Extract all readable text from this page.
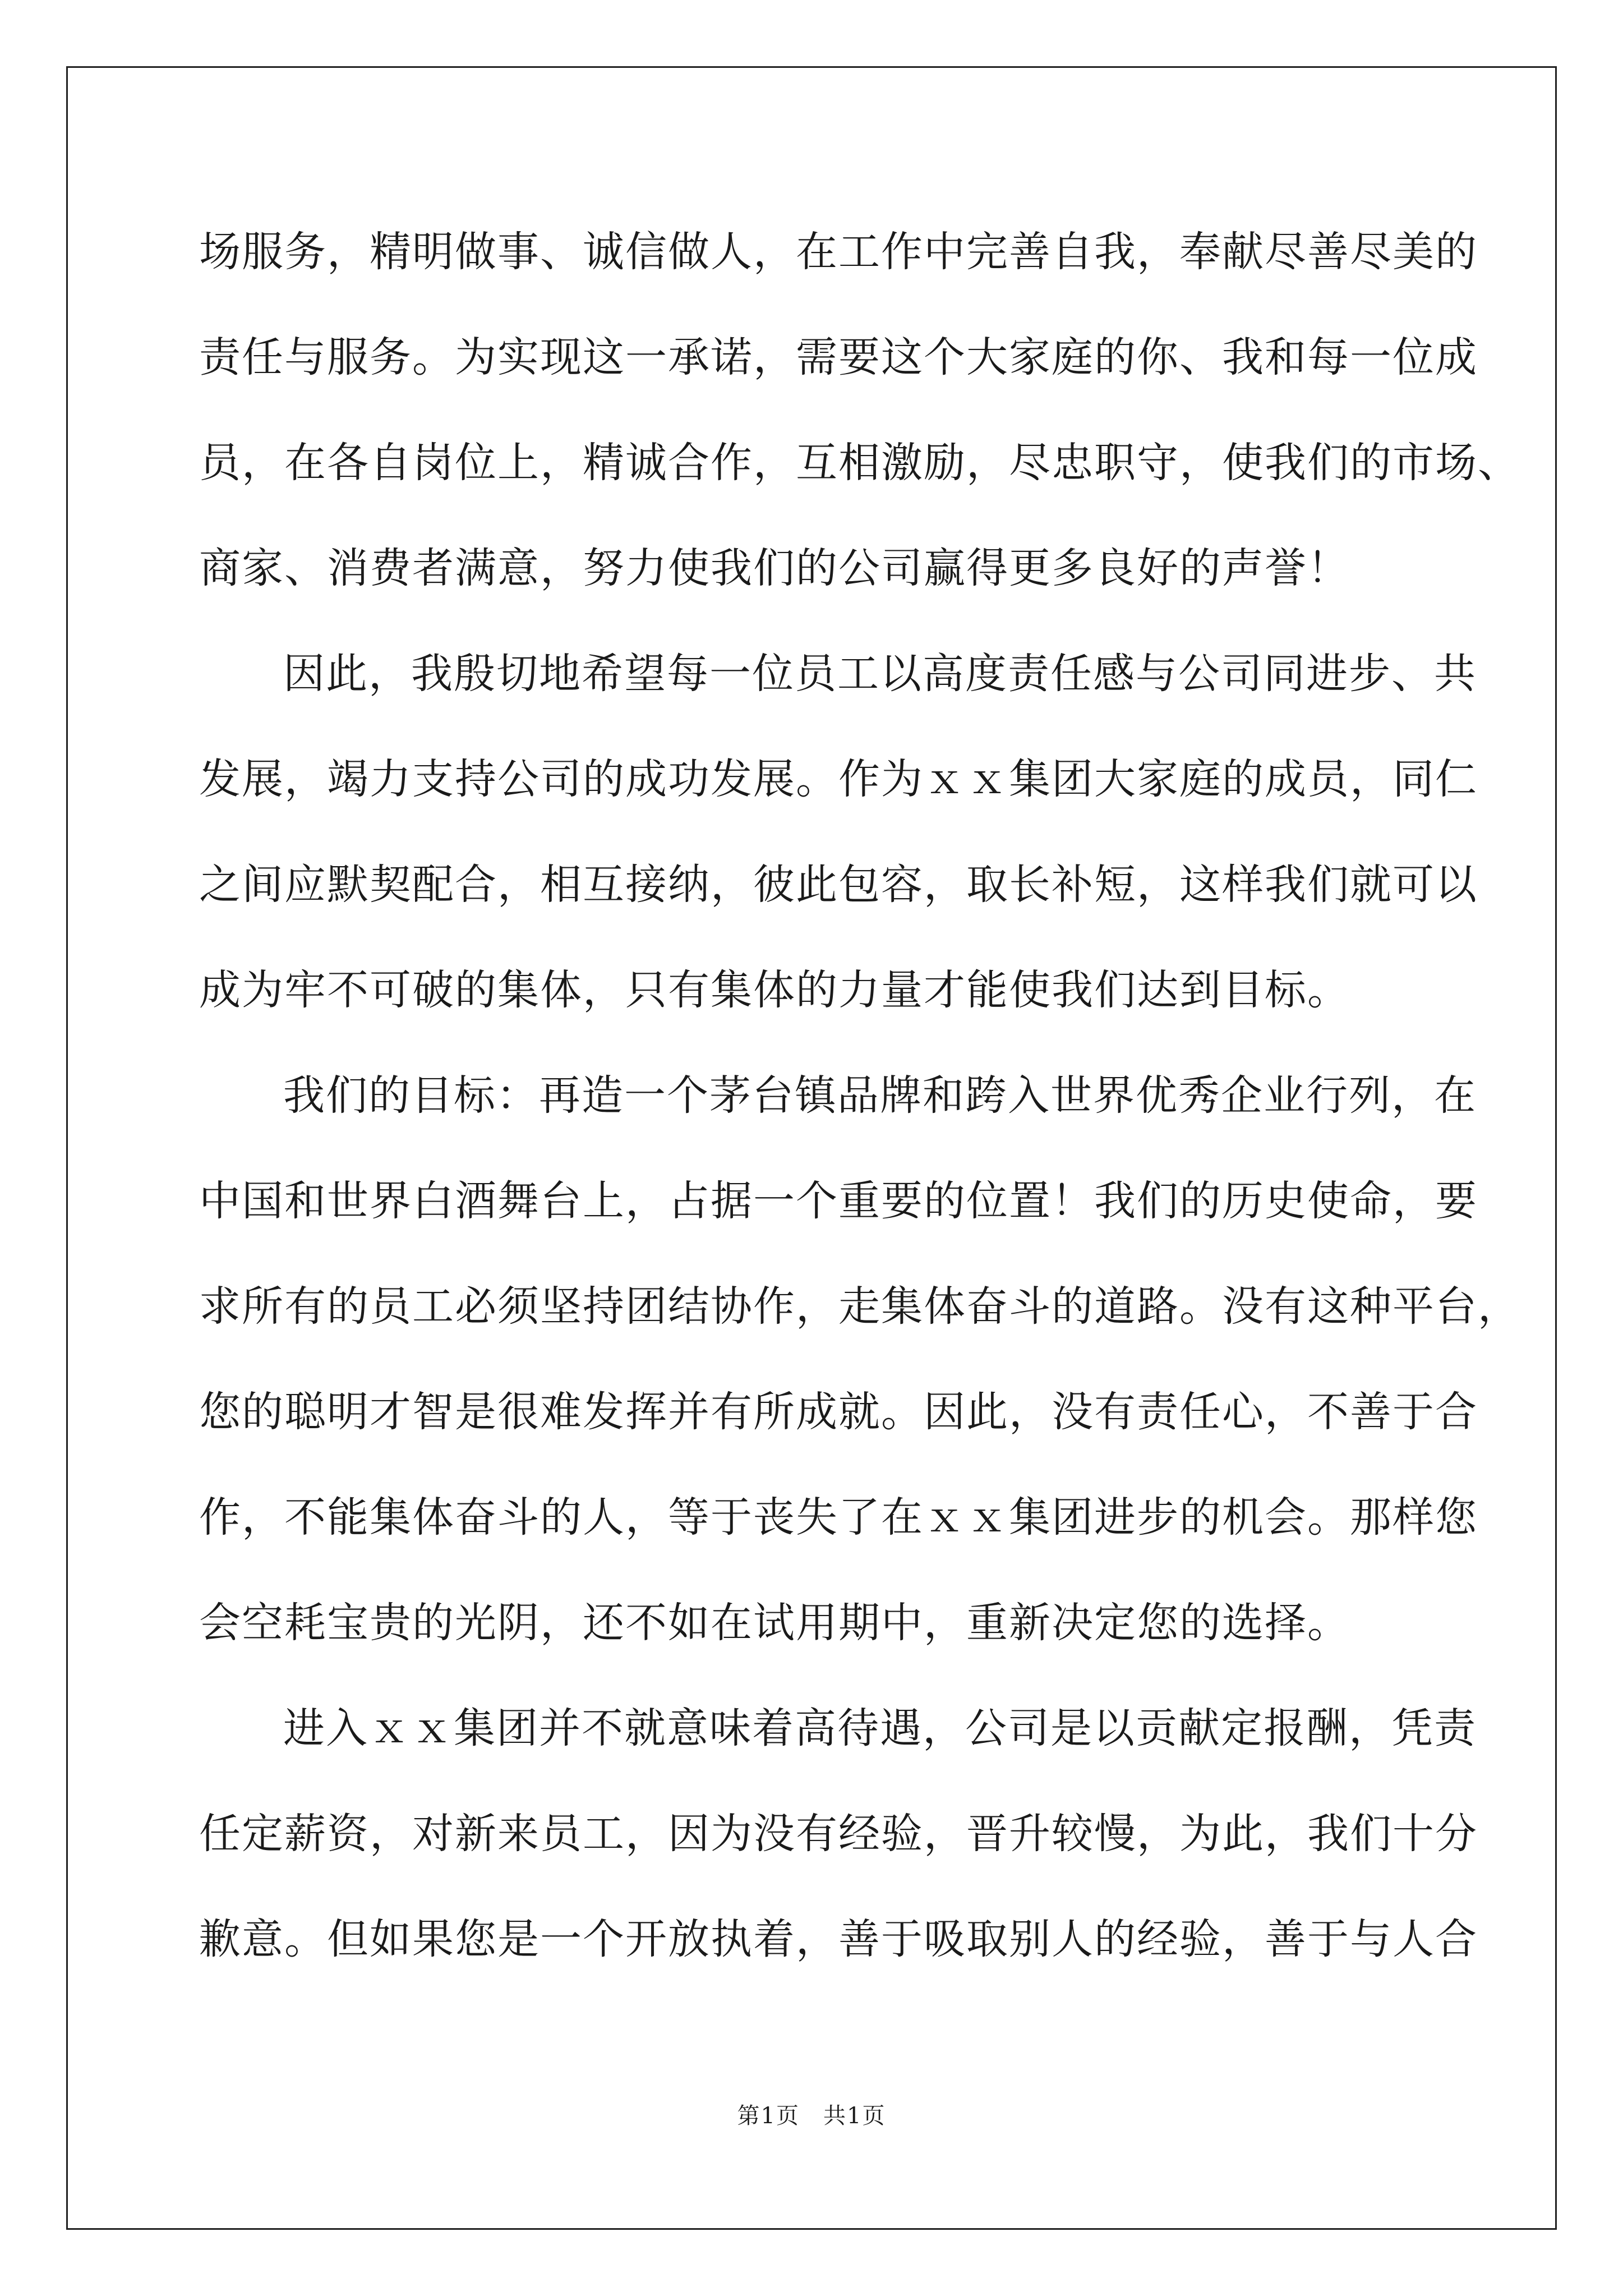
场服务，精明做事、诚信做人，在工作中完善自我，奉献尽善尽美的
责任与服务。为实现这一承诺，需要这个大家庭的你、我和每一位成
员，在各自岗位上，精诚合作，互相激励，尽忠职守，使我们的市场、
商家、消费者满意，努力使我们的公司赢得更多良好的声誉！
因此，我殷切地希望每一位员工以高度责任感与公司同进步、共
发展，竭力支持公司的成功发展。作为ｘｘ集团大家庭的成员，同仁
之间应默契配合，相互接纳，彼此包容，取长补短，这样我们就可以
成为牢不可破的集体，只有集体的力量才能使我们达到目标。
我们的目标：再造一个茅台镇品牌和跨入世界优秀企业行列，在
中国和世界白酒舞台上，占据一个重要的位置！我们的历史使命，要
求所有的员工必须坚持团结协作，走集体奋斗的道路。没有这种平台，
您的聪明才智是很难发挥并有所成就。因此，没有责任心，不善于合
作，不能集体奋斗的人，等于丧失了在ｘｘ集团进步的机会。那样您
会空耗宝贵的光阴，还不如在试用期中，重新决定您的选择。
进入ｘｘ集团并不就意味着高待遇，公司是以贡献定报酬，凭责
任定薪资，对新来员工，因为没有经验，晋升较慢，为此，我们十分
歉意。但如果您是一个开放执着，善于吸取别人的经验，善于与人合
第1页　共1页
